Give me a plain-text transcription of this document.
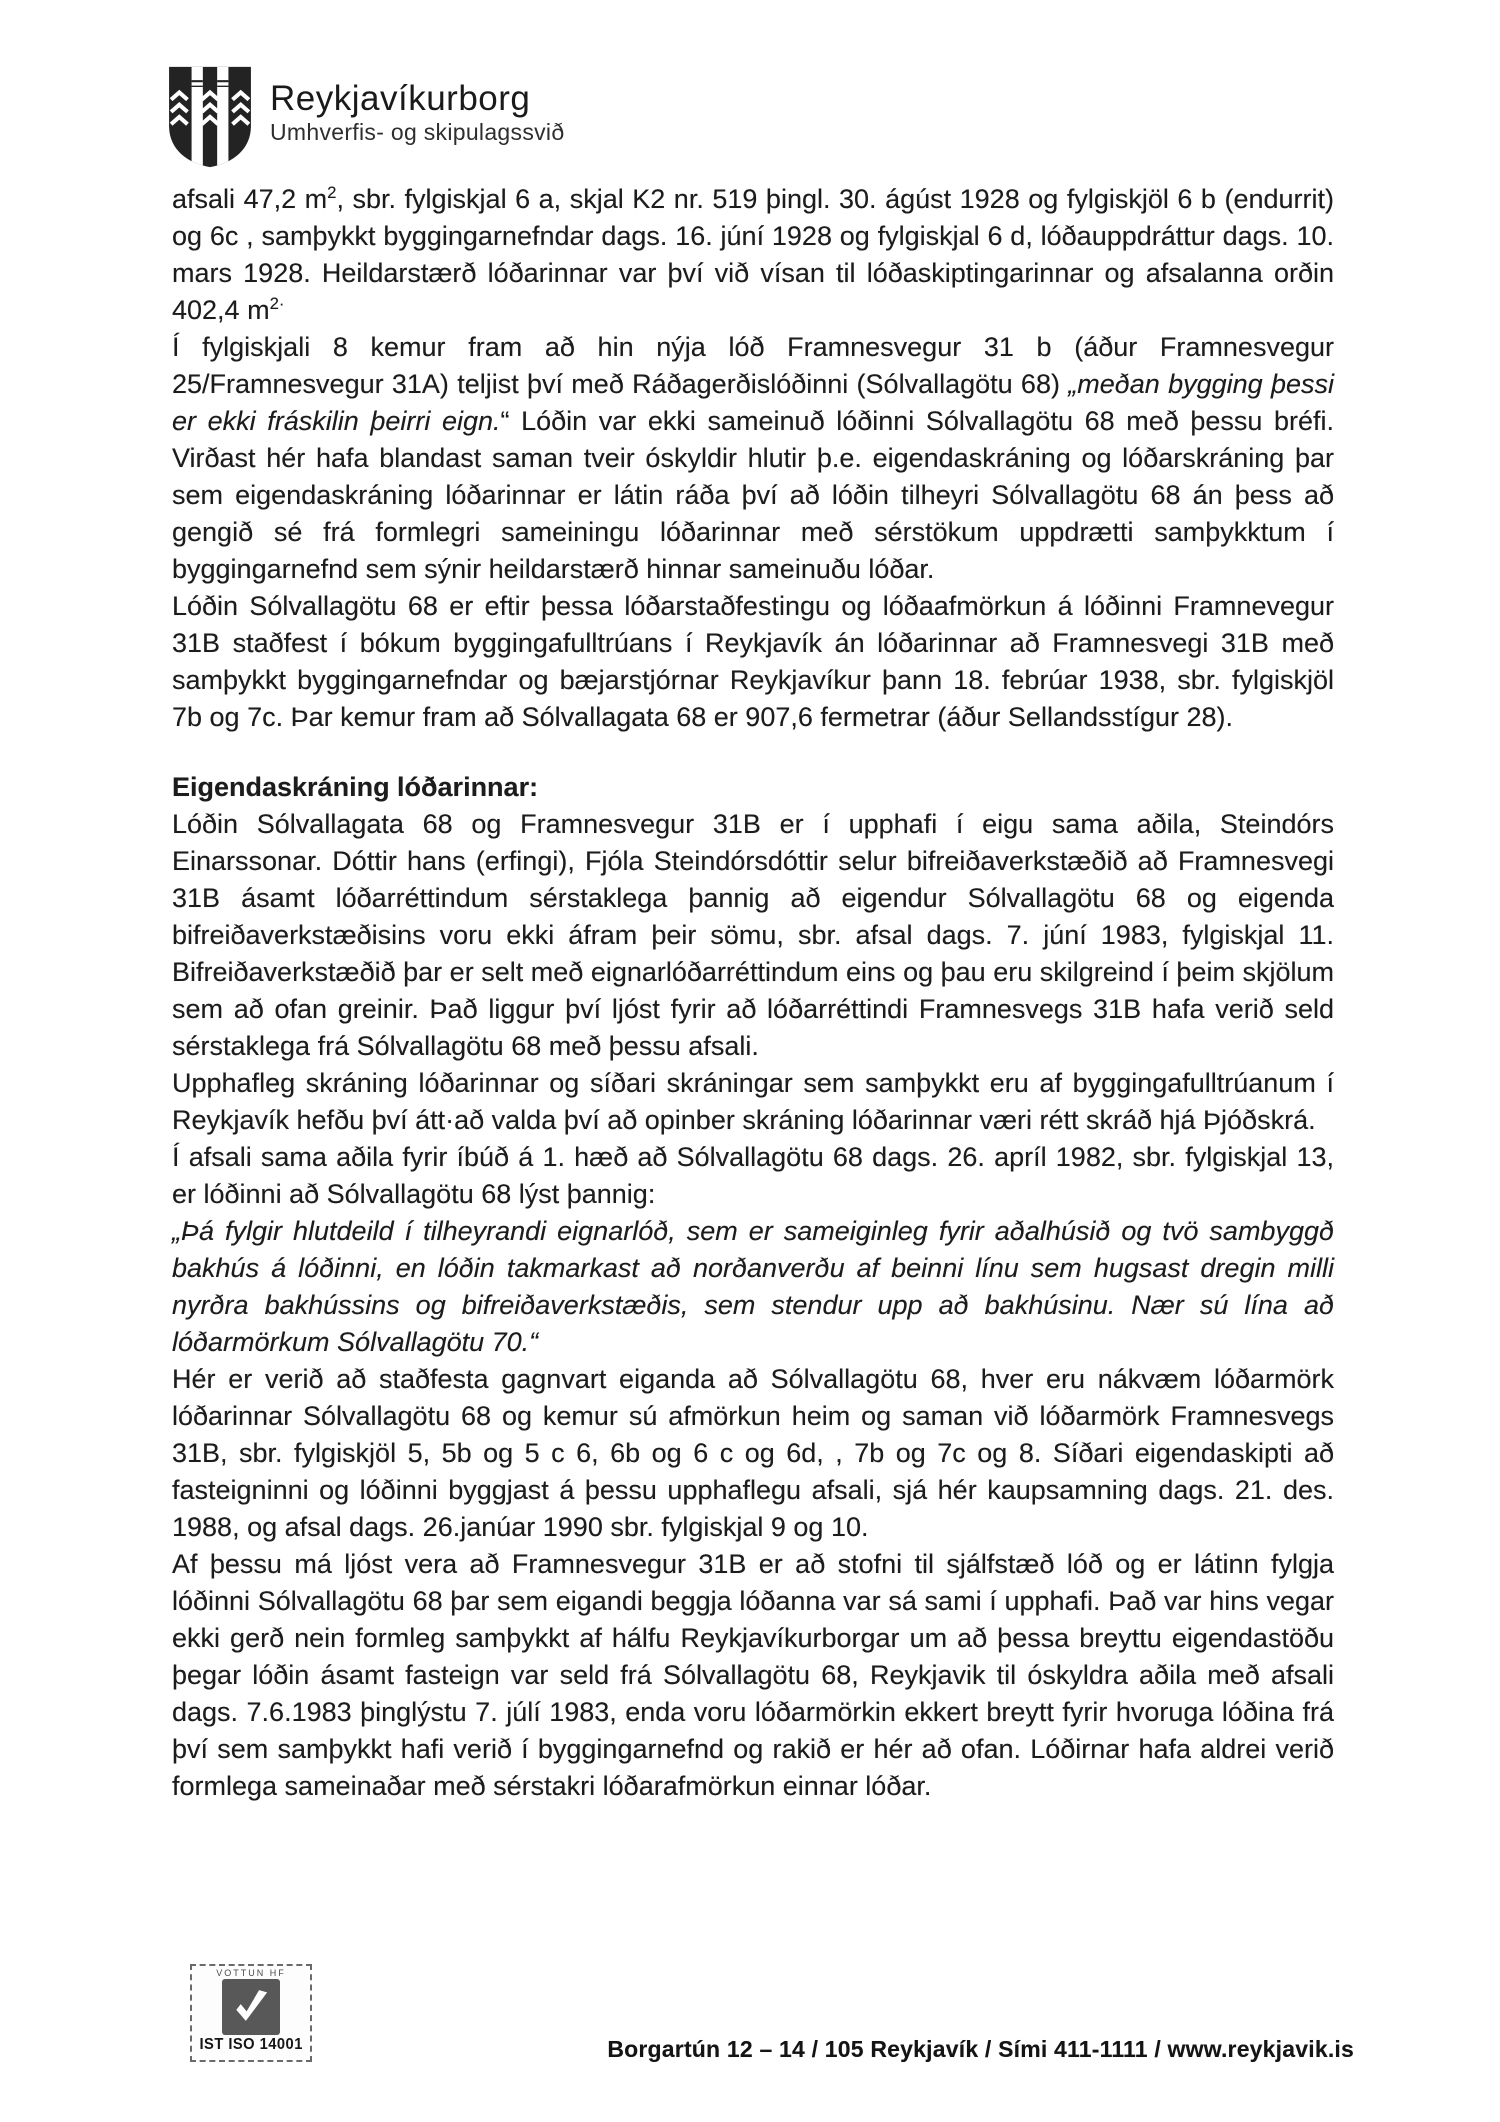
Reykjavíkurborg
Umhverfis- og skipulagssvið

afsali 47,2 $m^2$, sbr. fylgiskjal 6 a, skjal K2 nr. 519 þingl. 30. ágúst 1928 og fylgiskjöl 6 b (endurrit) og 6c , samþykkt byggingarnefndar dags. 16. júní 1928 og fylgiskjal 6 d, lóðauppdráttur dags. 10. mars 1928. Heildarstærð lóðarinnar var því við vísan til lóðaskiptingarinnar og afsalanna orðin 402,4 $m^{2\cdot}$

Í fylgiskjali 8 kemur fram að hin nýja lóð Framnesvegur 31 b (áður Framnesvegur 25/Framnesvegur 31A) teljist því með Ráðagerðislóðinni (Sólvallagötu 68) „meðan bygging þessi er ekki fráskilin þeirri eign.“ Lóðin var ekki sameinuð lóðinni Sólvallagötu 68 með þessu bréfi. Virðast hér hafa blandast saman tveir óskyldir hlutir þ.e. eigendaskráning og lóðarskráning þar sem eigendaskráning lóðarinnar er látin ráða því að lóðin tilheyri Sólvallagötu 68 án þess að gengið sé frá formlegri sameiningu lóðarinnar með sérstökum uppdrætti samþykktum í byggingarnefnd sem sýnir heildarstærð hinnar sameinuðu lóðar.

Lóðin Sólvallagötu 68 er eftir þessa lóðarstaðfestingu og lóðaafmörkun á lóðinni Framnevegur 31B staðfest í bókum byggingafulltrúans í Reykjavík án lóðarinnar að Framnesvegi 31B með samþykkt byggingarnefndar og bæjarstjórnar Reykjavíkur þann 18. febrúar 1938, sbr. fylgiskjöl 7b og 7c. Þar kemur fram að Sólvallagata 68 er 907,6 fermetrar (áður Sellandsstígur 28).

Eigendaskráning lóðarinnar:

Lóðin Sólvallagata 68 og Framnesvegur 31B er í upphafi í eigu sama aðila, Steindórs Einarssonar. Dóttir hans (erfingi), Fjóla Steindórsdóttir selur bifreiðaverkstæðið að Framnesvegi 31B ásamt lóðarréttindum sérstaklega þannig að eigendur Sólvallagötu 68 og eigenda bifreiðaverkstæðisins voru ekki áfram þeir sömu, sbr. afsal dags. 7. júní 1983, fylgiskjal 11. Bifreiðaverkstæðið þar er selt með eignarlóðarréttindum eins og þau eru skilgreind í þeim skjölum sem að ofan greinir. Það liggur því ljóst fyrir að lóðarréttindi Framnesvegs 31B hafa verið seld sérstaklega frá Sólvallagötu 68 með þessu afsali.

Upphafleg skráning lóðarinnar og síðari skráningar sem samþykkt eru af byggingafulltrúanum í Reykjavík hefðu því átt·að valda því að opinber skráning lóðarinnar væri rétt skráð hjá Þjóðskrá.

Í afsali sama aðila fyrir íbúð á 1. hæð að Sólvallagötu 68 dags. 26. apríl 1982, sbr. fylgiskjal 13, er lóðinni að Sólvallagötu 68 lýst þannig:

„Þá fylgir hlutdeild í tilheyrandi eignarlóð, sem er sameiginleg fyrir aðalhúsið og tvö sambyggð bakhús á lóðinni, en lóðin takmarkast að norðanverðu af beinni línu sem hugsast dregin milli nyrðra bakhússins og bifreiðaverkstæðis, sem stendur upp að bakhúsinu. Nær sú lína að lóðarmörkum Sólvallagötu 70.“

Hér er verið að staðfesta gagnvart eiganda að Sólvallagötu 68, hver eru nákvæm lóðarmörk lóðarinnar Sólvallagötu 68 og kemur sú afmörkun heim og saman við lóðarmörk Framnesvegs 31B, sbr. fylgiskjöl 5, 5b og 5 c 6, 6b og 6 c og 6d, , 7b og 7c og 8. Síðari eigendaskipti að fasteigninni og lóðinni byggjast á þessu upphaflegu afsali, sjá hér kaupsamning dags. 21. des. 1988, og afsal dags. 26.janúar 1990 sbr. fylgiskjal 9 og 10.

Af þessu má ljóst vera að Framnesvegur 31B er að stofni til sjálfstæð lóð og er látinn fylgja lóðinni Sólvallagötu 68 þar sem eigandi beggja lóðanna var sá sami í upphafi. Það var hins vegar ekki gerð nein formleg samþykkt af hálfu Reykjavíkurborgar um að þessa breyttu eigendastöðu þegar lóðin ásamt fasteign var seld frá Sólvallagötu 68, Reykjavik til óskyldra aðila með afsali dags. 7.6.1983 þinglýstu 7. júlí 1983, enda voru lóðarmörkin ekkert breytt fyrir hvoruga lóðina frá því sem samþykkt hafi verið í byggingarnefnd og rakið er hér að ofan. Lóðirnar hafa aldrei verið formlega sameinaðar með sérstakri lóðarafmörkun einnar lóðar.

VOTTUN HF
IST ISO 14001	Borgartún 12 – 14 / 105 Reykjavík / Sími 411-1111 / www.reykjavik.is
